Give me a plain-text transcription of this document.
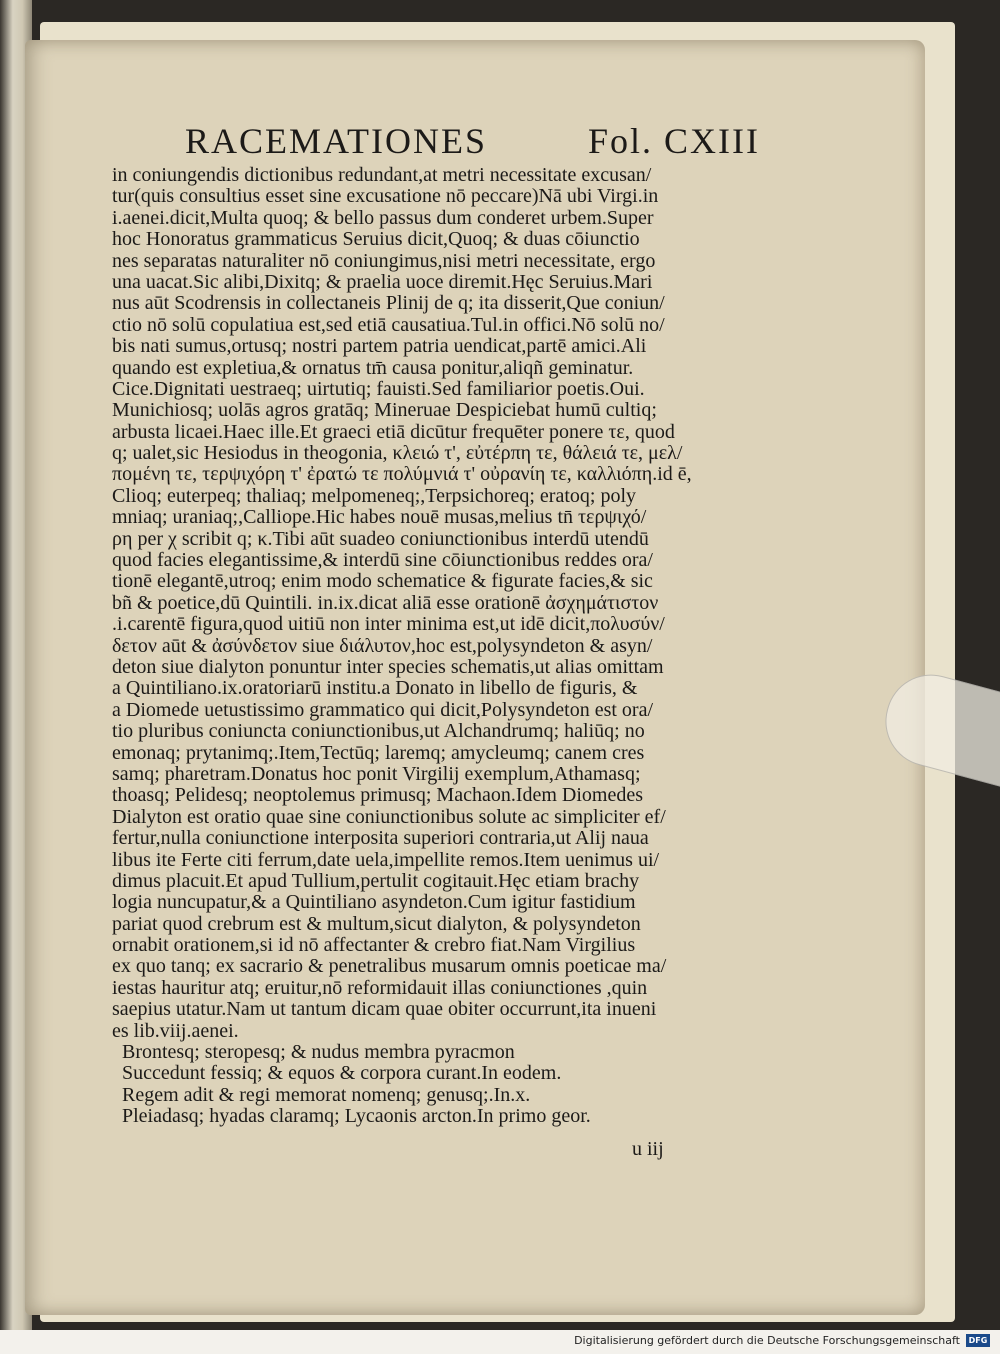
RACEMATIONES	Fol. CXIII
in coniungendis dictionibus redundant,at metri necessitate excusan/
tur(quis consultius esset sine excusatione nō peccare)Nā ubi Virgi.in
i.aenei.dicit,Multa quoq; & bello passus dum conderet urbem.Super
hoc Honoratus grammaticus Seruius dicit,Quoq; & duas cōiunctio
nes separatas naturaliter nō coniungimus,nisi metri necessitate, ergo
una uacat.Sic alibi,Dixitq; & praelia uoce diremit.Hęc Seruius.Mari
nus aūt Scodrensis in collectaneis Plinij de q; ita disserit,Que coniun/
ctio nō solū copulatiua est,sed etiā causatiua.Tul.in offici.Nō solū no/
bis nati sumus,ortusq; nostri partem patria uendicat,partē amici.Ali
quando est expletiua,& ornatus tm̄ causa ponitur,aliqñ geminatur.
Cice.Dignitati uestraeq; uirtutiq; fauisti.Sed familiarior poetis.Oui.
Munichiosq; uolās agros gratāq; Mineruae Despiciebat humū cultiq;
arbusta licaei.Haec ille.Et graeci etiā dicūtur frequēter ponere τε, quod
q; ualet,sic Hesiodus in theogonia, κλειώ τ', εὐτέρπη τε, θάλειά τε, μελ/
πομένη τε, τερψιχόρη τ' ἐρατώ τε πολύμνιά τ' οὐρανίη τε, καλλιόπη.id ē,
Clioq; euterpeq; thaliaq; melpomeneq;,Terpsichoreq; eratoq; poly
mniaq; uraniaq;,Calliope.Hic habes nouē musas,melius tn̄ τερψιχό/
ρη per χ scribit q; κ.Tibi aūt suadeo coniunctionibus interdū utendū
quod facies elegantissime,& interdū sine cōiunctionibus reddes ora/
tionē elegantē,utroq; enim modo schematice & figurate facies,& sic
bñ & poetice,dū Quintili. in.ix.dicat aliā esse orationē ἀσχημάτιστον
.i.carentē figura,quod uitiū non inter minima est,ut idē dicit,πολυσύν/
δετον aūt & ἀσύνδετον siue διάλυτον,hoc est,polysyndeton & asyn/
deton siue dialyton ponuntur inter species schematis,ut alias omittam
a Quintiliano.ix.oratoriarū institu.a Donato in libello de figuris, &
a Diomede uetustissimo grammatico qui dicit,Polysyndeton est ora/
tio pluribus coniuncta coniunctionibus,ut Alchandrumq; haliūq; no
emonaq; prytanimq;.Item,Tectūq; laremq; amycleumq; canem cres
samq; pharetram.Donatus hoc ponit Virgilij exemplum,Athamasq;
thoasq; Pelidesq; neoptolemus primusq; Machaon.Idem Diomedes
Dialyton est oratio quae sine coniunctionibus solute ac simpliciter ef/
fertur,nulla coniunctione interposita superiori contraria,ut Alij naua
libus ite Ferte citi ferrum,date uela,impellite remos.Item uenimus ui/
dimus placuit.Et apud Tullium,pertulit cogitauit.Hęc etiam brachy
logia nuncupatur,& a Quintiliano asyndeton.Cum igitur fastidium
pariat quod crebrum est & multum,sicut dialyton, & polysyndeton
ornabit orationem,si id nō affectanter & crebro fiat.Nam Virgilius
ex quo tanq; ex sacrario & penetralibus musarum omnis poeticae ma/
iestas hauritur atq; eruitur,nō reformidauit illas coniunctiones ,quin
saepius utatur.Nam ut tantum dicam quae obiter occurrunt,ita inueni
es lib.viij.aenei.
Brontesq; steropesq; & nudus membra pyracmon
Succedunt fessiq; & equos & corpora curant.In eodem.
Regem adit & regi memorat nomenq; genusq;.In.x.
Pleiadasq; hyadas claramq; Lycaonis arcton.In primo geor.
u iij
Digitalisierung gefördert durch die Deutsche Forschungsgemeinschaft	DFG
